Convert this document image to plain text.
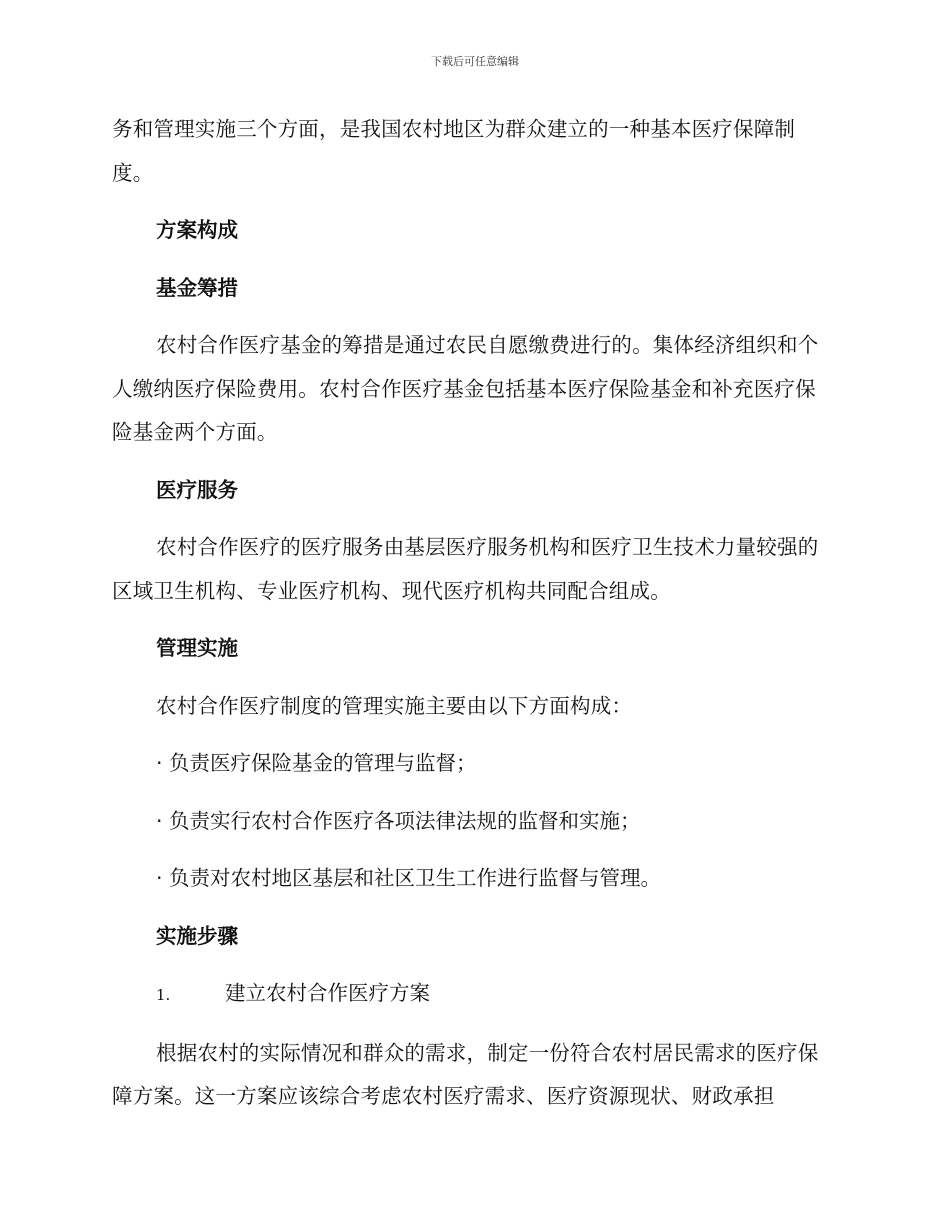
下载后可任意编辑

务和管理实施三个方面，是我国农村地区为群众建立的一种基本医疗保障制度。

方案构成
基金筹措

农村合作医疗基金的筹措是通过农民自愿缴费进行的。集体经济组织和个人缴纳医疗保险费用。农村合作医疗基金包括基本医疗保险基金和补充医疗保险基金两个方面。

医疗服务

农村合作医疗的医疗服务由基层医疗服务机构和医疗卫生技术力量较强的区域卫生机构、专业医疗机构、现代医疗机构共同配合组成。

管理实施

农村合作医疗制度的管理实施主要由以下方面构成：

· 负责医疗保险基金的管理与监督；
· 负责实行农村合作医疗各项法律法规的监督和实施；
· 负责对农村地区基层和社区卫生工作进行监督与管理。
实施步骤
1.	建立农村合作医疗方案

根据农村的实际情况和群众的需求，制定一份符合农村居民需求的医疗保障方案。这一方案应该综合考虑农村医疗需求、医疗资源现状、财政承担
